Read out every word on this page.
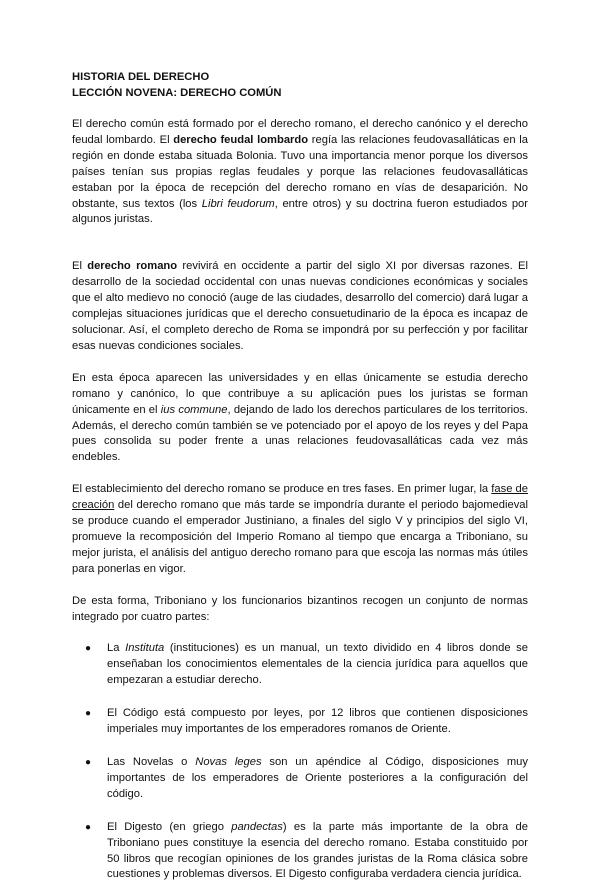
HISTORIA DEL DERECHO
LECCIÓN NOVENA: DERECHO COMÚN

El derecho común está formado por el derecho romano, el derecho canónico y el derecho feudal lombardo. El derecho feudal lombardo regía las relaciones feudovasalláticas en la región en donde estaba situada Bolonia. Tuvo una importancia menor porque los diversos países tenían sus propias reglas feudales y porque las relaciones feudovasalláticas estaban por la época de recepción del derecho romano en vías de desaparición. No obstante, sus textos (los Libri feudorum, entre otros) y su doctrina fueron estudiados por algunos juristas.

El derecho romano revivirá en occidente a partir del siglo XI por diversas razones. El desarrollo de la sociedad occidental con unas nuevas condiciones económicas y sociales que el alto medievo no conoció (auge de las ciudades, desarrollo del comercio) dará lugar a complejas situaciones jurídicas que el derecho consuetudinario de la época es incapaz de solucionar. Así, el completo derecho de Roma se impondrá por su perfección y por facilitar esas nuevas condiciones sociales.

En esta época aparecen las universidades y en ellas únicamente se estudia derecho romano y canónico, lo que contribuye a su aplicación pues los juristas se forman únicamente en el ius commune, dejando de lado los derechos particulares de los territorios. Además, el derecho común también se ve potenciado por el apoyo de los reyes y del Papa pues consolida su poder frente a unas relaciones feudovasalláticas cada vez más endebles.

El establecimiento del derecho romano se produce en tres fases. En primer lugar, la fase de creación del derecho romano que más tarde se impondría durante el periodo bajomedieval se produce cuando el emperador Justiniano, a finales del siglo V y principios del siglo VI, promueve la recomposición del Imperio Romano al tiempo que encarga a Triboniano, su mejor jurista, el análisis del antiguo derecho romano para que escoja las normas más útiles para ponerlas en vigor.

De esta forma, Triboniano y los funcionarios bizantinos recogen un conjunto de normas integrado por cuatro partes:

● La Instituta (instituciones) es un manual, un texto dividido en 4 libros donde se enseñaban los conocimientos elementales de la ciencia jurídica para aquellos que empezaran a estudiar derecho.
● El Código está compuesto por leyes, por 12 libros que contienen disposiciones imperiales muy importantes de los emperadores romanos de Oriente.
● Las Novelas o Novas leges son un apéndice al Código, disposiciones muy importantes de los emperadores de Oriente posteriores a la configuración del código.
● El Digesto (en griego pandectas) es la parte más importante de la obra de Triboniano pues constituye la esencia del derecho romano. Estaba constituido por 50 libros que recogían opiniones de los grandes juristas de la Roma clásica sobre cuestiones y problemas diversos. El Digesto configuraba verdadera ciencia jurídica.
